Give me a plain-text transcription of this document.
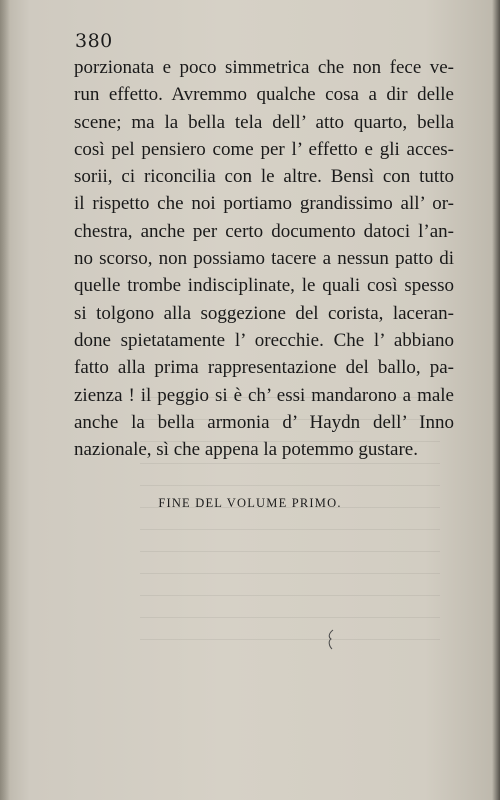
380
porzionata e poco simmetrica che non fece ve-
run effetto. Avremmo qualche cosa a dir delle
scene; ma la bella tela dell’ atto quarto, bella
così pel pensiero come per l’ effetto e gli acces-
sorii, ci riconcilia con le altre. Bensì con tutto
il rispetto che noi portiamo grandissimo all’ or-
chestra, anche per certo documento datoci l’an-
no scorso, non possiamo tacere a nessun patto di
quelle trombe indisciplinate, le quali così spesso
si tolgono alla soggezione del corista, laceran-
done spietatamente l’ orecchie. Che l’ abbiano
fatto alla prima rappresentazione del ballo, pa-
zienza ! il peggio si è ch’ essi mandarono a male
anche la bella armonia d’ Haydn dell’ Inno
nazionale, sì che appena la potemmo gustare.
FINE DEL VOLUME PRIMO.
